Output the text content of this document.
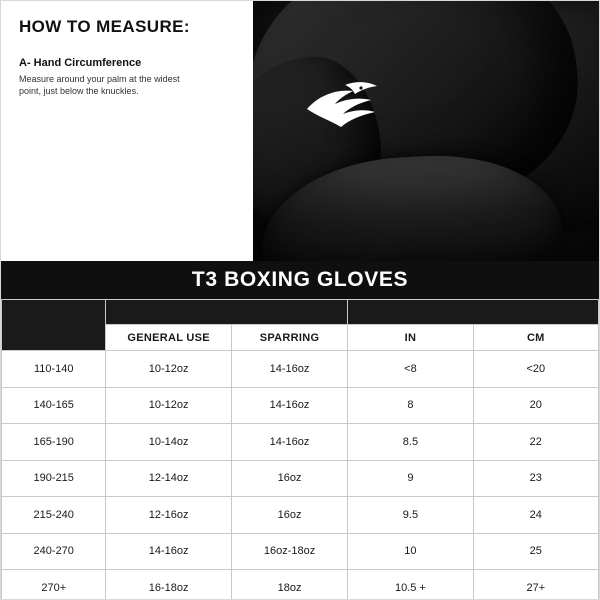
HOW TO MEASURE:
A- Hand Circumference
Measure around your palm at the widest point, just below the knuckles.
T3 BOXING GLOVES
WEIGHT (LBS)	RECOMMENDED SIZE		A - HAND CIRCUMFERENCE	
	GENERAL USE	SPARRING	IN	CM
110-140	10-12oz	14-16oz	<8	<20
140-165	10-12oz	14-16oz	8	20
165-190	10-14oz	14-16oz	8.5	22
190-215	12-14oz	16oz	9	23
215-240	12-16oz	16oz	9.5	24
240-270	14-16oz	16oz-18oz	10	25
270+	16-18oz	18oz	10.5 +	27+
